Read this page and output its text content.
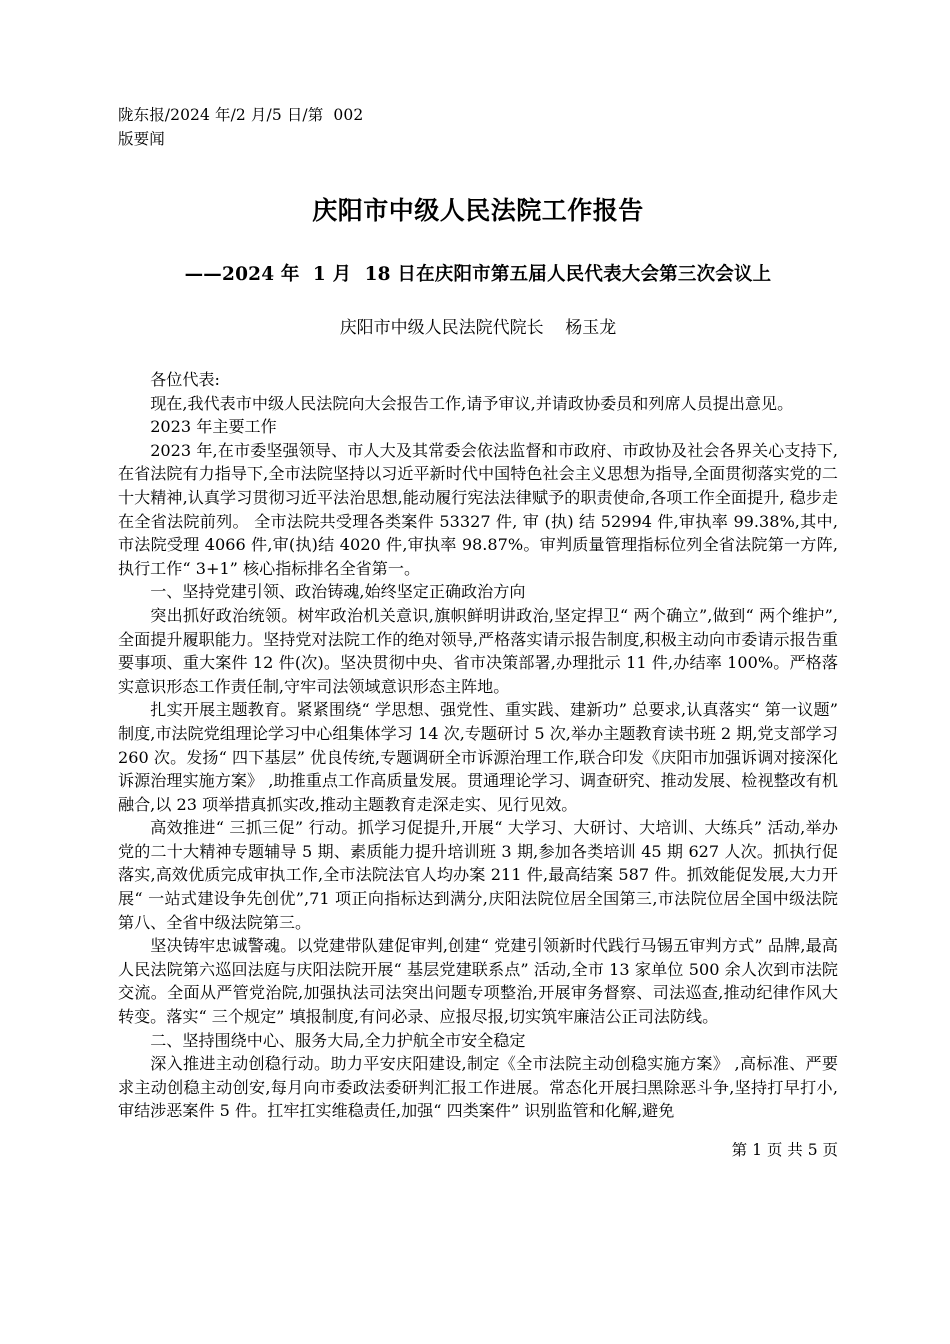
陇东报/2024 年/2 月/5 日/第  002
版要闻
庆阳市中级人民法院工作报告
——2024 年  1 月  18 日在庆阳市第五届人民代表大会第三次会议上
庆阳市中级人民法院代院长    杨玉龙

各位代表:

现在,我代表市中级人民法院向大会报告工作,请予审议,并请政协委员和列席人员提出意见。

2023 年主要工作

2023 年,在市委坚强领导、市人大及其常委会依法监督和市政府、市政协及社会各界关心支持下,在省法院有力指导下,全市法院坚持以习近平新时代中国特色社会主义思想为指导,全面贯彻落实党的二十大精神,认真学习贯彻习近平法治思想,能动履行宪法法律赋予的职责使命,各项工作全面提升, 稳步走在全省法院前列。 全市法院共受理各类案件 53327 件, 审 (执) 结 52994 件,审执率 99.38%,其中,市法院受理 4066 件,审(执)结 4020 件,审执率 98.87%。审判质量管理指标位列全省法院第一方阵,执行工作“ 3+1” 核心指标排名全省第一。

一、坚持党建引领、政治铸魂,始终坚定正确政治方向

突出抓好政治统领。树牢政治机关意识,旗帜鲜明讲政治,坚定捍卫“ 两个确立”,做到“ 两个维护”,全面提升履职能力。坚持党对法院工作的绝对领导,严格落实请示报告制度,积极主动向市委请示报告重要事项、重大案件 12 件(次)。坚决贯彻中央、省市决策部署,办理批示 11 件,办结率 100%。严格落实意识形态工作责任制,守牢司法领域意识形态主阵地。

扎实开展主题教育。紧紧围绕“ 学思想、强党性、重实践、建新功” 总要求,认真落实“ 第一议题” 制度,市法院党组理论学习中心组集体学习 14 次,专题研讨 5 次,举办主题教育读书班 2 期,党支部学习 260 次。发扬“ 四下基层” 优良传统,专题调研全市诉源治理工作,联合印发《庆阳市加强诉调对接深化诉源治理实施方案》 ,助推重点工作高质量发展。贯通理论学习、调查研究、推动发展、检视整改有机融合,以 23 项举措真抓实改,推动主题教育走深走实、见行见效。

高效推进“ 三抓三促” 行动。抓学习促提升,开展“ 大学习、大研讨、大培训、大练兵” 活动,举办党的二十大精神专题辅导 5 期、素质能力提升培训班 3 期,参加各类培训 45 期 627 人次。抓执行促落实,高效优质完成审执工作,全市法院法官人均办案 211 件,最高结案 587 件。抓效能促发展,大力开展“ 一站式建设争先创优”,71 项正向指标达到满分,庆阳法院位居全国第三,市法院位居全国中级法院第八、全省中级法院第三。

坚决铸牢忠诚警魂。以党建带队建促审判,创建“ 党建引领新时代践行马锡五审判方式” 品牌,最高人民法院第六巡回法庭与庆阳法院开展“ 基层党建联系点” 活动,全市 13 家单位 500 余人次到市法院交流。全面从严管党治院,加强执法司法突出问题专项整治,开展审务督察、司法巡查,推动纪律作风大转变。落实“ 三个规定” 填报制度,有问必录、应报尽报,切实筑牢廉洁公正司法防线。

二、坚持围绕中心、服务大局,全力护航全市安全稳定

深入推进主动创稳行动。助力平安庆阳建设,制定《全市法院主动创稳实施方案》 ,高标准、严要求主动创稳主动创安,每月向市委政法委研判汇报工作进展。常态化开展扫黑除恶斗争,坚持打早打小,审结涉恶案件 5 件。扛牢扛实维稳责任,加强“ 四类案件” 识别监管和化解,避免

第 1 页 共 5 页
